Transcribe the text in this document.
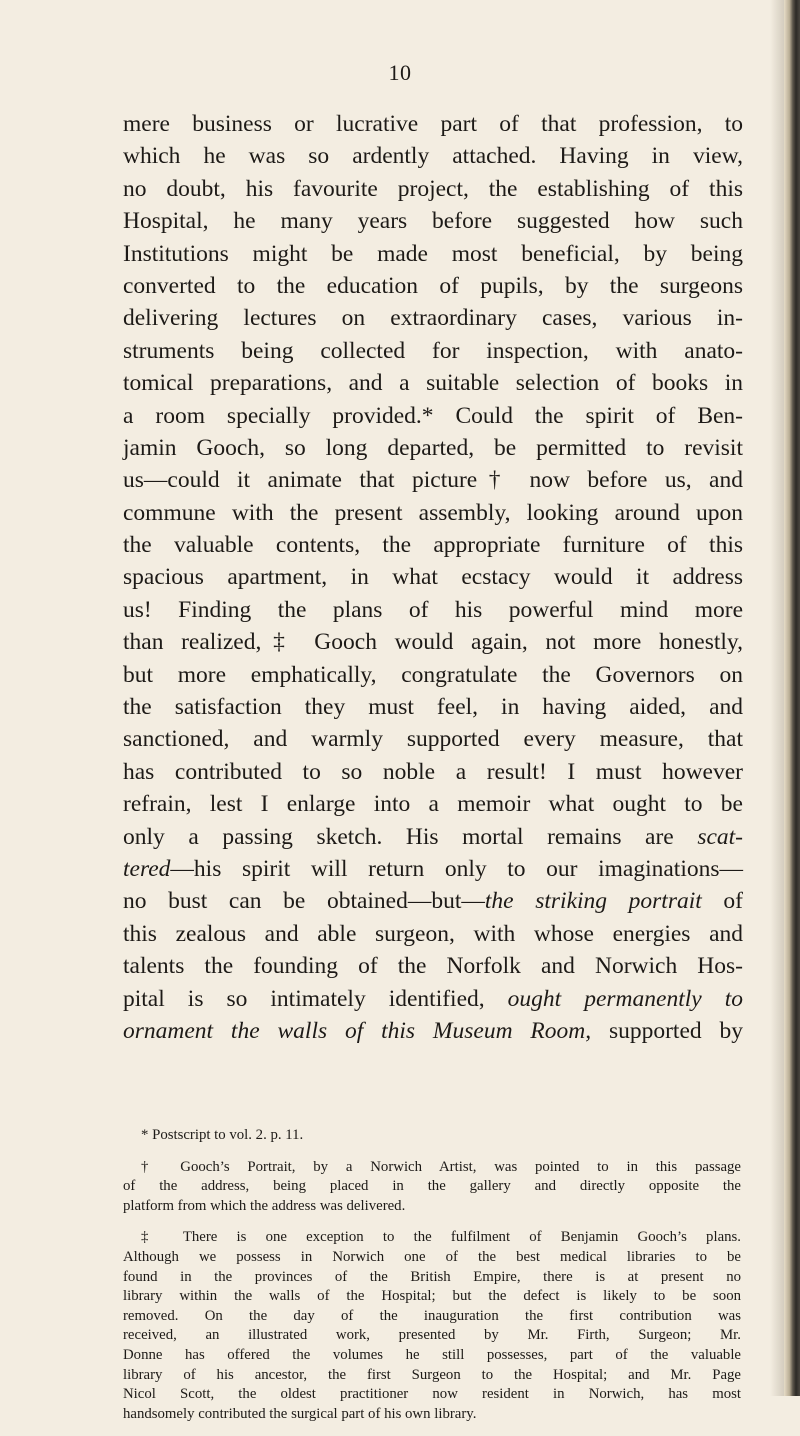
10
mere business or lucrative part of that profession, to
which he was so ardently attached. Having in view,
no doubt, his favourite project, the establishing of this
Hospital, he many years before suggested how such
Institutions might be made most beneficial, by being
converted to the education of pupils, by the surgeons
delivering lectures on extraordinary cases, various in-
struments being collected for inspection, with anato-
tomical preparations, and a suitable selection of books in
a room specially provided.* Could the spirit of Ben-
jamin Gooch, so long departed, be permitted to revisit
us—could it animate that picture† now before us, and
commune with the present assembly, looking around upon
the valuable contents, the appropriate furniture of this
spacious apartment, in what ecstacy would it address
us! Finding the plans of his powerful mind more
than realized,‡ Gooch would again, not more honestly,
but more emphatically, congratulate the Governors on
the satisfaction they must feel, in having aided, and
sanctioned, and warmly supported every measure, that
has contributed to so noble a result! I must however
refrain, lest I enlarge into a memoir what ought to be
only a passing sketch. His mortal remains are scat-
tered—his spirit will return only to our imaginations—
no bust can be obtained—but—the striking portrait of
this zealous and able surgeon, with whose energies and
talents the founding of the Norfolk and Norwich Hos-
pital is so intimately identified, ought permanently to
ornament the walls of this Museum Room, supported by
* Postscript to vol. 2. p. 11.
† Gooch’s Portrait, by a Norwich Artist, was pointed to in this passage
of the address, being placed in the gallery and directly opposite the
platform from which the address was delivered.
‡ There is one exception to the fulfilment of Benjamin Gooch’s plans.
Although we possess in Norwich one of the best medical libraries to be
found in the provinces of the British Empire, there is at present no
library within the walls of the Hospital; but the defect is likely to be soon
removed. On the day of the inauguration the first contribution was
received, an illustrated work, presented by Mr. Firth, Surgeon; Mr.
Donne has offered the volumes he still possesses, part of the valuable
library of his ancestor, the first Surgeon to the Hospital; and Mr. Page
Nicol Scott, the oldest practitioner now resident in Norwich, has most
handsomely contributed the surgical part of his own library.
